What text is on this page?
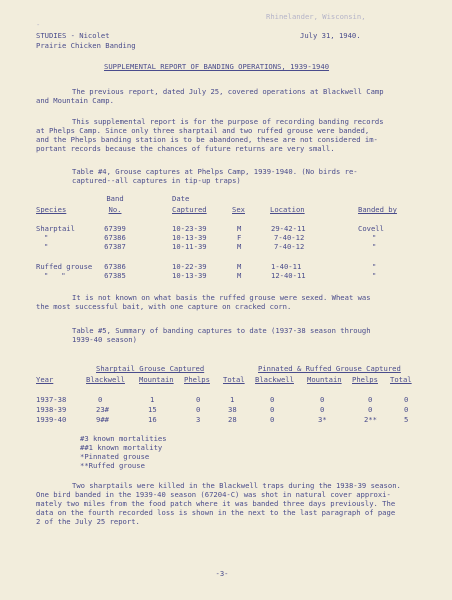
-
Rhinelander, Wisconsin,
STUDIES - Nicolet	July 31, 1940.
Prairie Chicken Banding
SUPPLEMENTAL REPORT OF BANDING OPERATIONS, 1939-1940
The previous report, dated July 25, covered operations at Blackwell Camp
and Mountain Camp.
This supplemental report is for the purpose of recording banding records
at Phelps Camp. Since only three sharptail and two ruffed grouse were banded,
and the Phelps banding station is to be abandoned, these are not considered im-
portant records because the chances of future returns are very small.
Table #4, Grouse captures at Phelps Camp, 1939-1940. (No birds re-
captured--all captures in tip-up traps)
Band	Date
Species	No.	Captured	Sex	Location	Banded by
Sharptail	67399	10-23-39	M	29-42-11	Covell
"	67386	10-13-39	F	7-40-12	"
"	67387	10-11-39	M	7-40-12	"
Ruffed grouse 67386	10-22-39	M	1-40-11	"
"   "	67385	10-13-39	M	12-40-11	"
It is not known on what basis the ruffed grouse were sexed. Wheat was
the most successful bait, with one capture on cracked corn.
Table #5, Summary of banding captures to date (1937-38 season through
1939-40 season)
Sharptail Grouse Captured	Pinnated & Ruffed Grouse Captured
Year	Blackwell Mountain Phelps Total Blackwell Mountain Phelps Total
1937-38	0	1	0	1	0	0	0	0
1938-39	23#	15	0	38	0	0	0	0
1939-40	9##	16	3	28	0	3*	2**	5
#3 known mortalities
##1 known mortality
*Pinnated grouse
**Ruffed grouse
Two sharptails were killed in the Blackwell traps during the 1938-39 season.
One bird banded in the 1939-40 season (67204-C) was shot in natural cover approxi-
mately two miles from the food patch where it was banded three days previously. The
data on the fourth recorded loss is shown in the next to the last paragraph of page
2 of the July 25 report.
-3-
